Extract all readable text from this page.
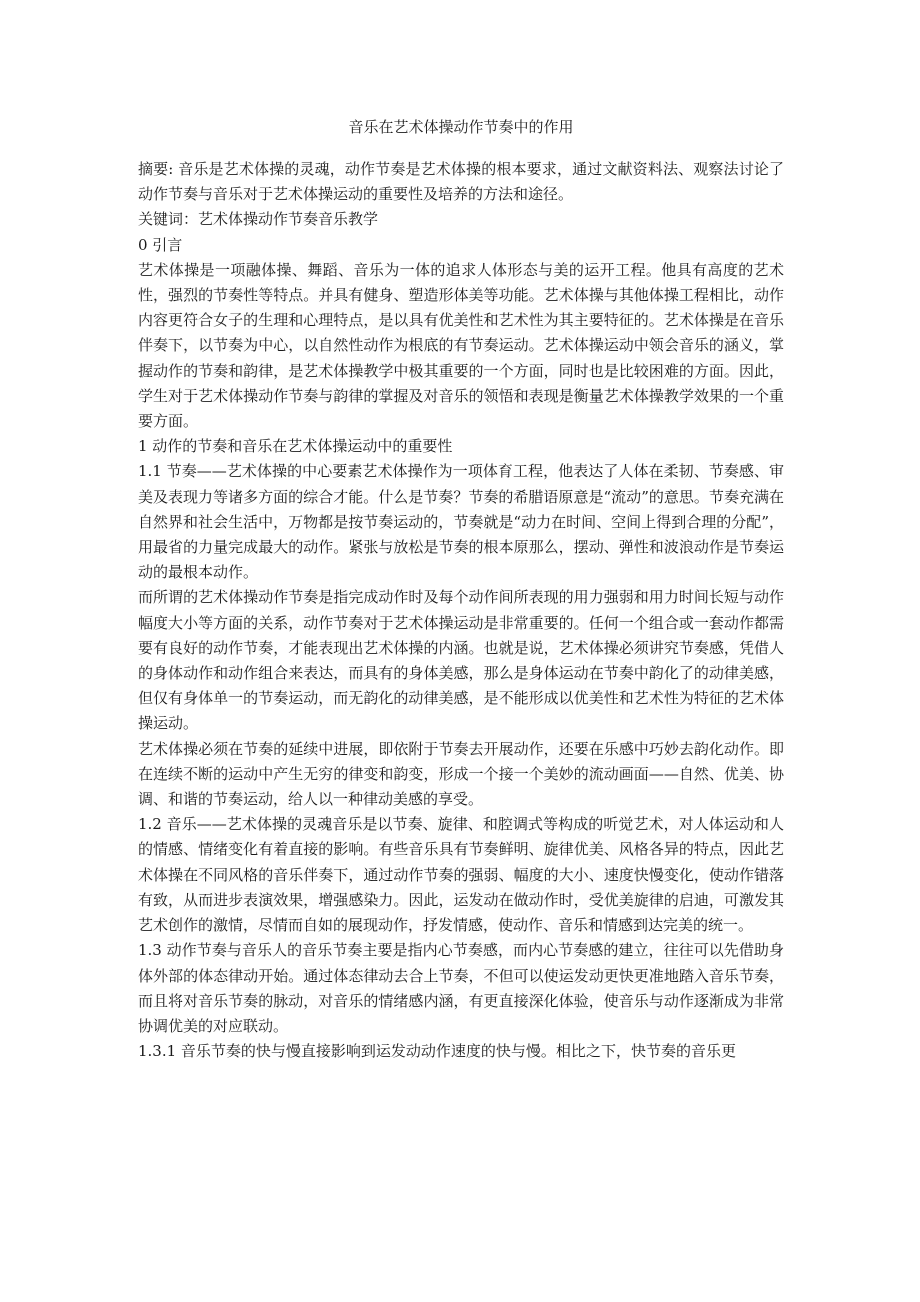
音乐在艺术体操动作节奏中的作用

摘要: 音乐是艺术体操的灵魂，动作节奏是艺术体操的根本要求，通过文献资料法、观察法讨论了动作节奏与音乐对于艺术体操运动的重要性及培养的方法和途径。

关键词：艺术体操动作节奏音乐教学

0 引言

艺术体操是一项融体操、舞蹈、音乐为一体的追求人体形态与美的运开工程。他具有高度的艺术性，强烈的节奏性等特点。并具有健身、塑造形体美等功能。艺术体操与其他体操工程相比，动作内容更符合女子的生理和心理特点，是以具有优美性和艺术性为其主要特征的。艺术体操是在音乐伴奏下，以节奏为中心，以自然性动作为根底的有节奏运动。艺术体操运动中领会音乐的涵义，掌握动作的节奏和韵律，是艺术体操教学中极其重要的一个方面，同时也是比较困难的方面。因此，学生对于艺术体操动作节奏与韵律的掌握及对音乐的领悟和表现是衡量艺术体操教学效果的一个重要方面。

1 动作的节奏和音乐在艺术体操运动中的重要性

1.1 节奏——艺术体操的中心要素艺术体操作为一项体育工程，他表达了人体在柔韧、节奏感、审美及表现力等诸多方面的综合才能。什么是节奏？节奏的希腊语原意是“流动”的意思。节奏充满在自然界和社会生活中，万物都是按节奏运动的，节奏就是“动力在时间、空间上得到合理的分配”，用最省的力量完成最大的动作。紧张与放松是节奏的根本原那么，摆动、弹性和波浪动作是节奏运动的最根本动作。

而所谓的艺术体操动作节奏是指完成动作时及每个动作间所表现的用力强弱和用力时间长短与动作幅度大小等方面的关系，动作节奏对于艺术体操运动是非常重要的。任何一个组合或一套动作都需要有良好的动作节奏，才能表现出艺术体操的内涵。也就是说，艺术体操必须讲究节奏感，凭借人的身体动作和动作组合来表达，而具有的身体美感，那么是身体运动在节奏中韵化了的动律美感，但仅有身体单一的节奏运动，而无韵化的动律美感，是不能形成以优美性和艺术性为特征的艺术体操运动。

艺术体操必须在节奏的延续中进展，即依附于节奏去开展动作，还要在乐感中巧妙去韵化动作。即在连续不断的运动中产生无穷的律变和韵变，形成一个接一个美妙的流动画面——自然、优美、协调、和谐的节奏运动，给人以一种律动美感的享受。

1.2 音乐——艺术体操的灵魂音乐是以节奏、旋律、和腔调式等构成的听觉艺术，对人体运动和人的情感、情绪变化有着直接的影响。有些音乐具有节奏鲜明、旋律优美、风格各异的特点，因此艺术体操在不同风格的音乐伴奏下，通过动作节奏的强弱、幅度的大小、速度快慢变化，使动作错落有致，从而进步表演效果，增强感染力。因此，运发动在做动作时，受优美旋律的启迪，可激发其艺术创作的激情，尽情而自如的展现动作，抒发情感，使动作、音乐和情感到达完美的统一。

1.3 动作节奏与音乐人的音乐节奏主要是指内心节奏感，而内心节奏感的建立，往往可以先借助身体外部的体态律动开始。通过体态律动去合上节奏，不但可以使运发动更快更准地踏入音乐节奏，而且将对音乐节奏的脉动，对音乐的情绪感内涵，有更直接深化体验，使音乐与动作逐渐成为非常协调优美的对应联动。

1.3.1 音乐节奏的快与慢直接影响到运发动动作速度的快与慢。相比之下，快节奏的音乐更
